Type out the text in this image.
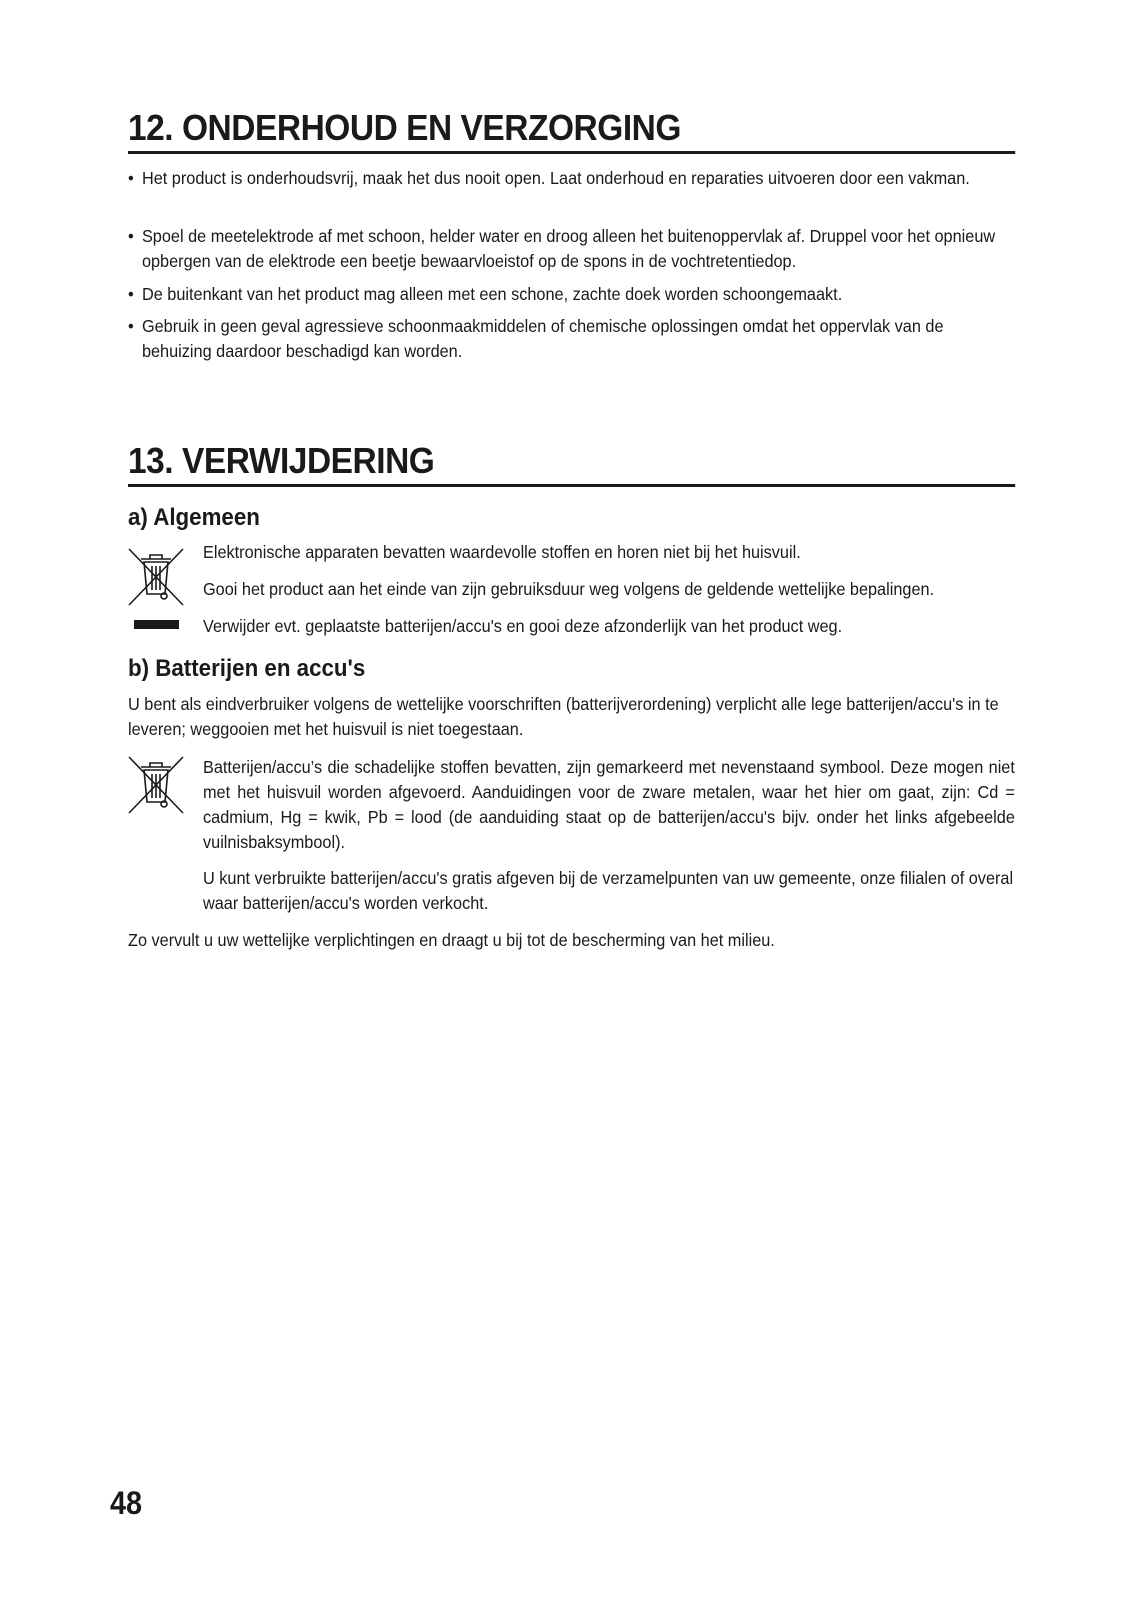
12. ONDERHOUD EN VERZORGING
• Het product is onderhoudsvrij, maak het dus nooit open. Laat onderhoud en reparaties uitvoeren door een vakman.
• Spoel de meetelektrode af met schoon, helder water en droog alleen het buitenoppervlak af. Druppel voor het opnieuw opbergen van de elektrode een beetje bewaarvloeistof op de spons in de vochtretentiedop.
• De buitenkant van het product mag alleen met een schone, zachte doek worden schoongemaakt.
• Gebruik in geen geval agressieve schoonmaakmiddelen of chemische oplossingen omdat het oppervlak van de behuizing daardoor beschadigd kan worden.
13. VERWIJDERING
a) Algemeen
Elektronische apparaten bevatten waardevolle stoffen en horen niet bij het huisvuil.
Gooi het product aan het einde van zijn gebruiksduur weg volgens de geldende wettelijke bepalingen.
Verwijder evt. geplaatste batterijen/accu's en gooi deze afzonderlijk van het product weg.
b) Batterijen en accu's
U bent als eindverbruiker volgens de wettelijke voorschriften (batterijverordening) verplicht alle lege batterijen/accu's in te leveren; weggooien met het huisvuil is niet toegestaan.
Batterijen/accu’s die schadelijke stoffen bevatten, zijn gemarkeerd met nevenstaand symbool. Deze mogen niet met het huisvuil worden afgevoerd. Aanduidingen voor de zware metalen, waar het hier om gaat, zijn: Cd = cadmium, Hg = kwik, Pb = lood (de aanduiding staat op de batterijen/accu's bijv. onder het links afgebeelde vuilnisbaksymbool).
U kunt verbruikte batterijen/accu's gratis afgeven bij de verzamelpunten van uw gemeente, onze filialen of overal waar batterijen/accu's worden verkocht.
Zo vervult u uw wettelijke verplichtingen en draagt u bij tot de bescherming van het milieu.
48
